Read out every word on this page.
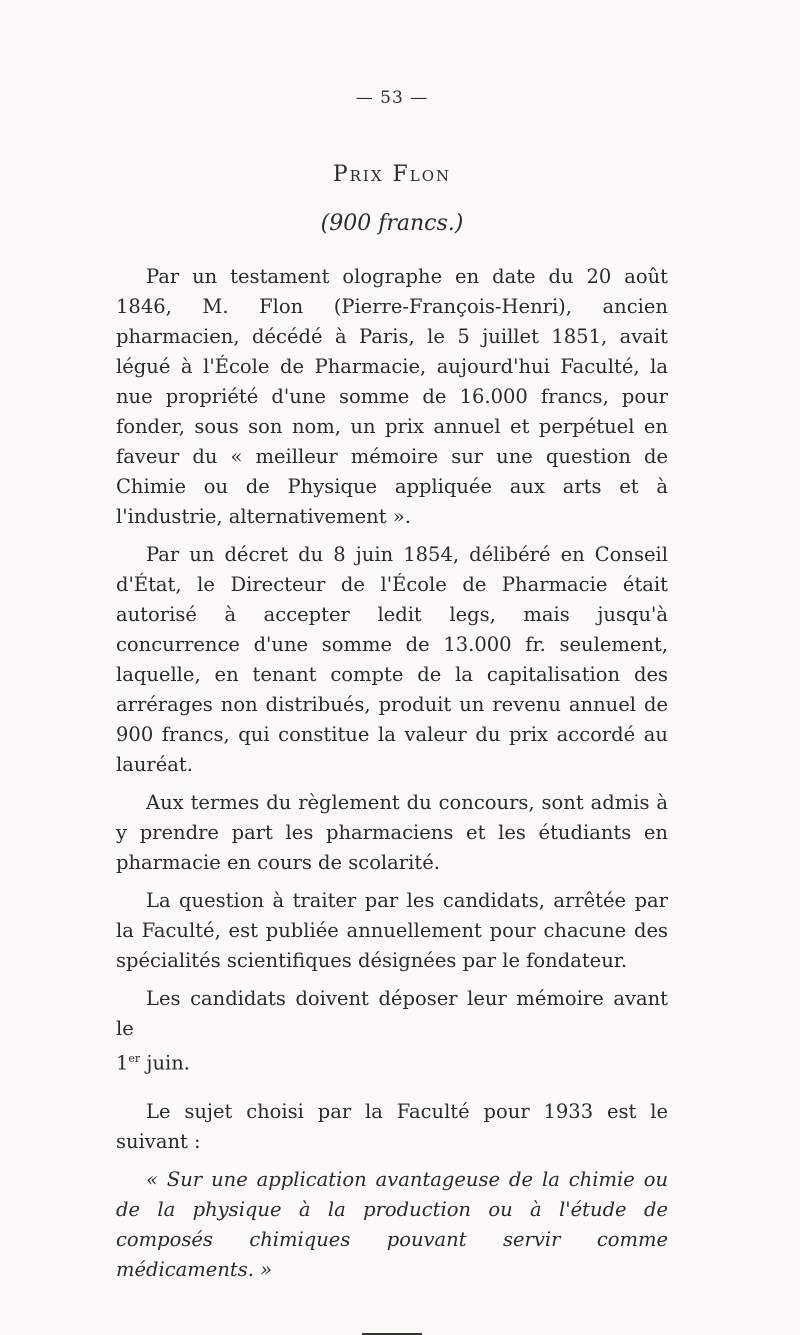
— 53 —
Prix Flon
(900 francs.)

Par un testament olographe en date du 20 août 1846, M. Flon (Pierre-François-Henri), ancien pharmacien, décédé à Paris, le 5 juillet 1851, avait légué à l'École de Pharmacie, aujourd'hui Faculté, la nue propriété d'une somme de 16.000 francs, pour fonder, sous son nom, un prix annuel et perpétuel en faveur du « meilleur mémoire sur une question de Chimie ou de Physique appliquée aux arts et à l'industrie, alternativement ».

Par un décret du 8 juin 1854, délibéré en Conseil d'État, le Directeur de l'École de Pharmacie était autorisé à accepter ledit legs, mais jusqu'à concurrence d'une somme de 13.000 fr. seulement, laquelle, en tenant compte de la capitalisation des arrérages non distribués, produit un revenu annuel de 900 francs, qui constitue la valeur du prix accordé au lauréat.

Aux termes du règlement du concours, sont admis à y prendre part les pharmaciens et les étudiants en pharmacie en cours de scolarité.

La question à traiter par les candidats, arrêtée par la Faculté, est publiée annuellement pour chacune des spécialités scientifiques désignées par le fondateur.

Les candidats doivent déposer leur mémoire avant le
1er juin.

Le sujet choisi par la Faculté pour 1933 est le suivant :

« Sur une application avantageuse de la chimie ou de la physique à la production ou à l'étude de composés chimiques pouvant servir comme médicaments. »
